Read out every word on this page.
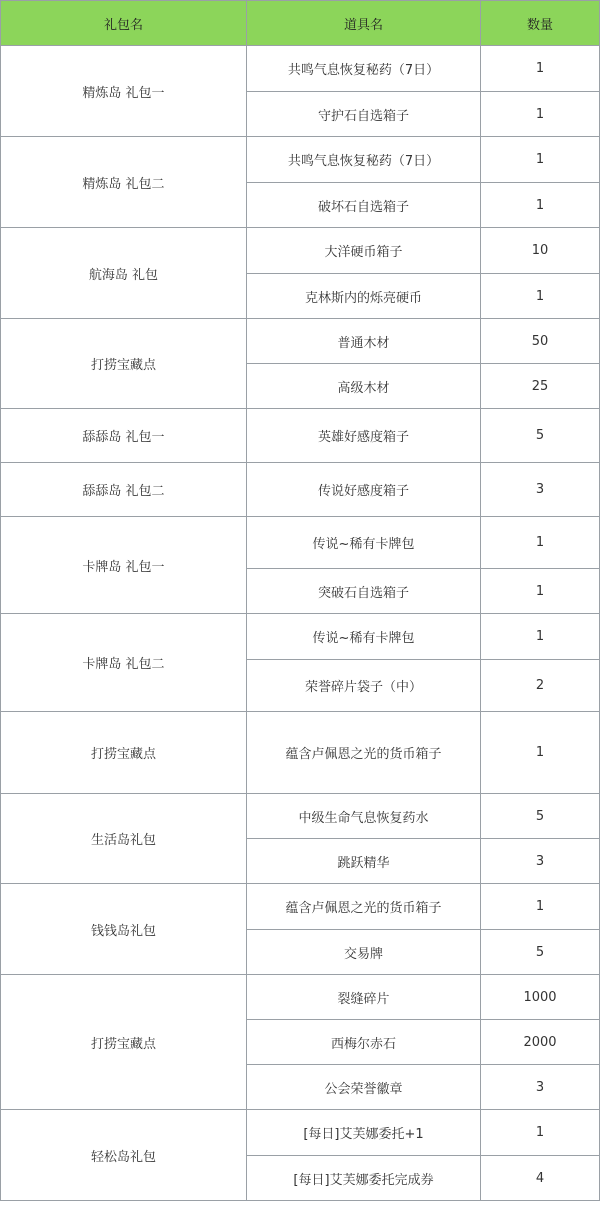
礼包名	道具名	数量
精炼岛 礼包一	共鸣气息恢复秘药（7日）	1
	守护石自选箱子	1
精炼岛 礼包二	共鸣气息恢复秘药（7日）	1
	破坏石自选箱子	1
航海岛 礼包	大洋硬币箱子	10
	克林斯内的烁亮硬币	1
打捞宝藏点	普通木材	50
	高级木材	25
舔舔岛 礼包一	英雄好感度箱子	5
舔舔岛 礼包二	传说好感度箱子	3
卡牌岛 礼包一	传说~稀有卡牌包	1
	突破石自选箱子	1
卡牌岛 礼包二	传说~稀有卡牌包	1
	荣誉碎片袋子（中）	2
打捞宝藏点	蕴含卢佩恩之光的货币箱子	1
生活岛礼包	中级生命气息恢复药水	5
	跳跃精华	3
钱钱岛礼包	蕴含卢佩恩之光的货币箱子	1
	交易牌	5
打捞宝藏点	裂缝碎片	1000
	西梅尔赤石	2000
	公会荣誉徽章	3
轻松岛礼包	[每日]艾芙娜委托+1	1
	[每日]艾芙娜委托完成券	4
